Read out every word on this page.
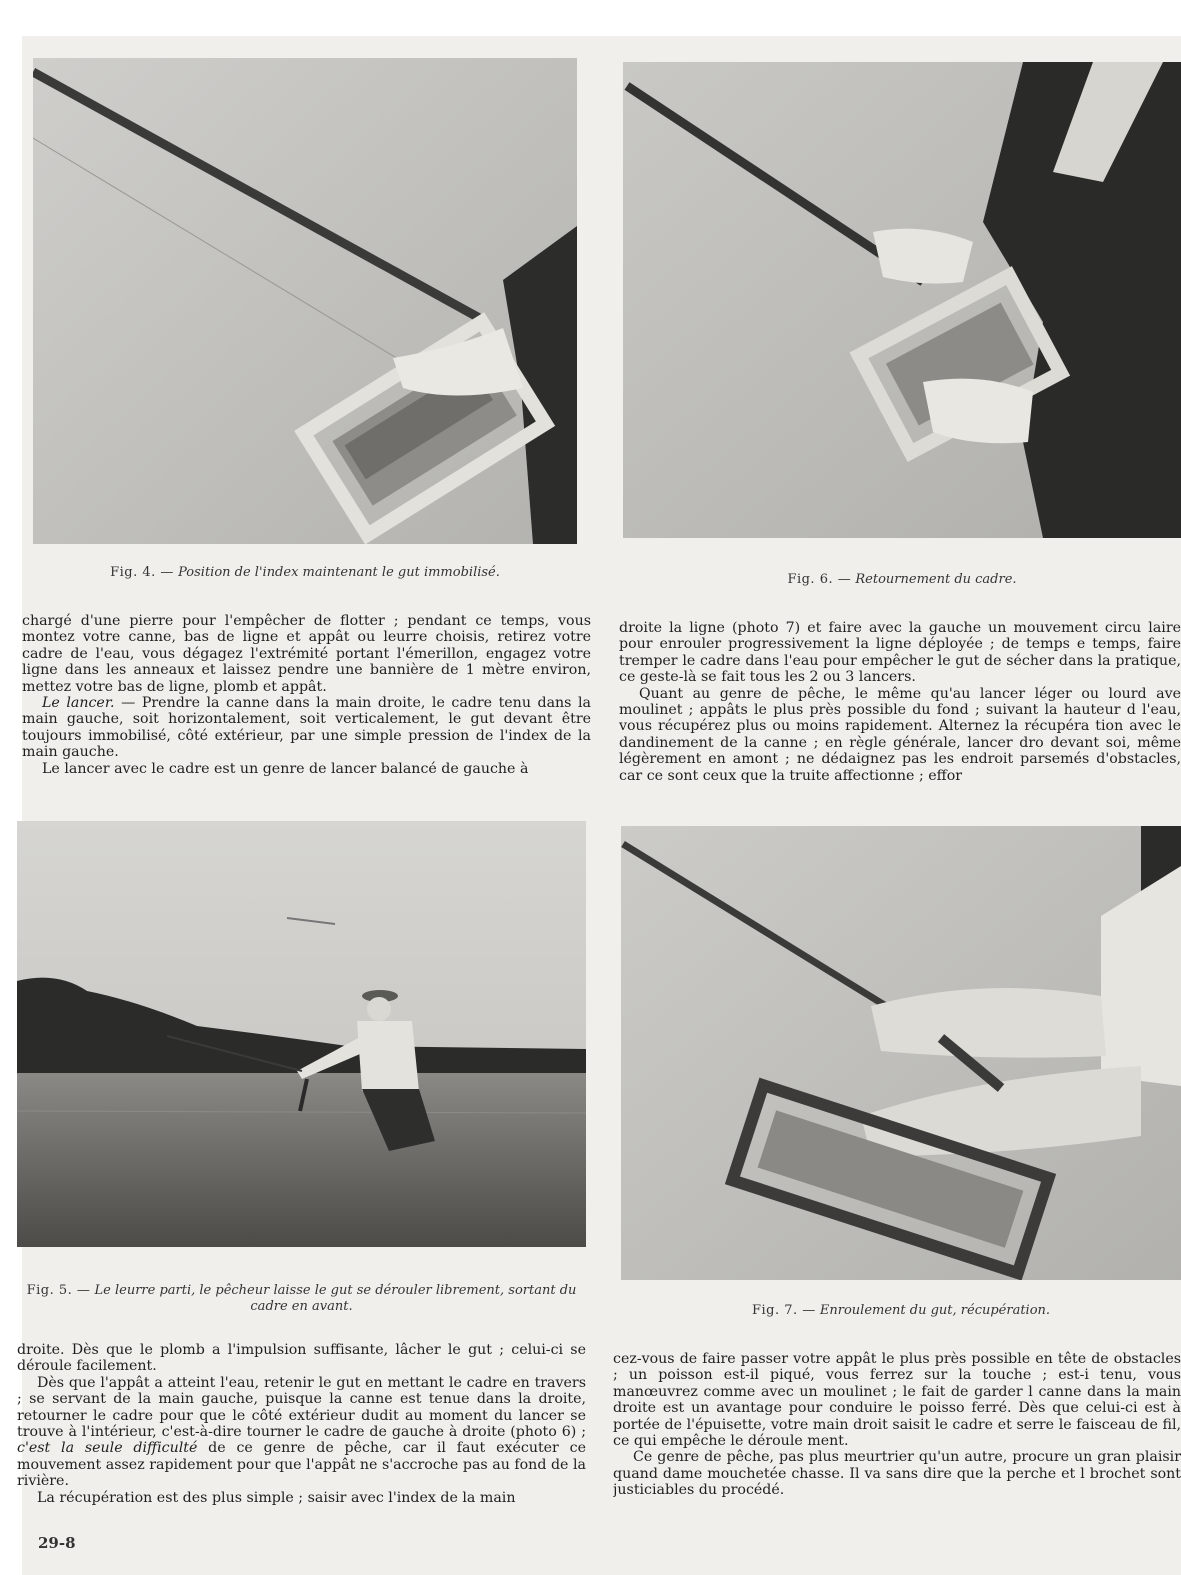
Fig. 4. — Position de l'index maintenant le gut immobilisé.	Fig. 6. — Retournement du cadre.

chargé d'une pierre pour l'empêcher de flotter ; pendant ce temps, vous montez votre canne, bas de ligne et appât ou leurre choisis, retirez votre cadre de l'eau, vous dégagez l'extrémité portant l'émerillon, engagez votre ligne dans les anneaux et laissez pendre une bannière de 1 mètre environ, mettez votre bas de ligne, plomb et appât.

Le lancer. — Prendre la canne dans la main droite, le cadre tenu dans la main gauche, soit horizontalement, soit verticalement, le gut devant être toujours immobilisé, côté extérieur, par une simple pression de l'index de la main gauche.

Le lancer avec le cadre est un genre de lancer balancé de gauche à

droite la ligne (photo 7) et faire avec la gauche un mouvement circu laire pour enrouler progressivement la ligne déployée ; de temps e temps, faire tremper le cadre dans l'eau pour empêcher le gut de sécher dans la pratique, ce geste-là se fait tous les 2 ou 3 lancers.

Quant au genre de pêche, le même qu'au lancer léger ou lourd ave moulinet ; appâts le plus près possible du fond ; suivant la hauteur d l'eau, vous récupérez plus ou moins rapidement. Alternez la récupéra tion avec le dandinement de la canne ; en règle générale, lancer dro devant soi, même légèrement en amont ; ne dédaignez pas les endroit parsemés d'obstacles, car ce sont ceux que la truite affectionne ; effor

Fig. 5. — Le leurre parti, le pêcheur laisse le gut se dérouler librement, sortant du cadre en avant.	Fig. 7. — Enroulement du gut, récupération.

droite. Dès que le plomb a l'impulsion suffisante, lâcher le gut ; celui-ci se déroule facilement.

Dès que l'appât a atteint l'eau, retenir le gut en mettant le cadre en travers ; se servant de la main gauche, puisque la canne est tenue dans la droite, retourner le cadre pour que le côté extérieur dudit au moment du lancer se trouve à l'intérieur, c'est-à-dire tourner le cadre de gauche à droite (photo 6) ; c'est la seule difficulté de ce genre de pêche, car il faut exécuter ce mouvement assez rapidement pour que l'appât ne s'accroche pas au fond de la rivière.

La récupération est des plus simple ; saisir avec l'index de la main

cez-vous de faire passer votre appât le plus près possible en tête de obstacles ; un poisson est-il piqué, vous ferrez sur la touche ; est-i tenu, vous manœuvrez comme avec un moulinet ; le fait de garder l canne dans la main droite est un avantage pour conduire le poisso ferré. Dès que celui-ci est à portée de l'épuisette, votre main droit saisit le cadre et serre le faisceau de fil, ce qui empêche le déroule ment.

Ce genre de pêche, pas plus meurtrier qu'un autre, procure un gran plaisir quand dame mouchetée chasse. Il va sans dire que la perche et l brochet sont justiciables du procédé.

29-8
